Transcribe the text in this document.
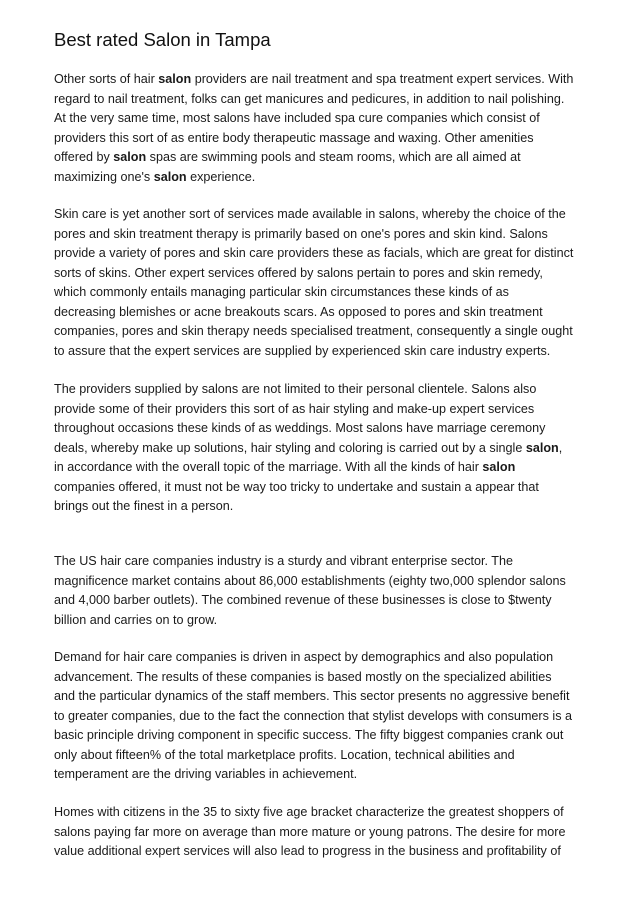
Best rated Salon in Tampa
Other sorts of hair salon providers are nail treatment and spa treatment expert services. With
regard to nail treatment, folks can get manicures and pedicures, in addition to nail polishing.
At the very same time, most salons have included spa cure companies which consist of
providers this sort of as entire body therapeutic massage and waxing. Other amenities
offered by salon spas are swimming pools and steam rooms, which are all aimed at
maximizing one's salon experience.
Skin care is yet another sort of services made available in salons, whereby the choice of the
pores and skin treatment therapy is primarily based on one's pores and skin kind. Salons
provide a variety of pores and skin care providers these as facials, which are great for distinct
sorts of skins. Other expert services offered by salons pertain to pores and skin remedy,
which commonly entails managing particular skin circumstances these kinds of as
decreasing blemishes or acne breakouts scars. As opposed to pores and skin treatment
companies, pores and skin therapy needs specialised treatment, consequently a single ought
to assure that the expert services are supplied by experienced skin care industry experts.
The providers supplied by salons are not limited to their personal clientele. Salons also
provide some of their providers this sort of as hair styling and make-up expert services
throughout occasions these kinds of as weddings. Most salons have marriage ceremony
deals, whereby make up solutions, hair styling and coloring is carried out by a single salon,
in accordance with the overall topic of the marriage. With all the kinds of hair salon
companies offered, it must not be way too tricky to undertake and sustain a appear that
brings out the finest in a person.
The US hair care companies industry is a sturdy and vibrant enterprise sector. The
magnificence market contains about 86,000 establishments (eighty two,000 splendor salons
and 4,000 barber outlets). The combined revenue of these businesses is close to $twenty
billion and carries on to grow.
Demand for hair care companies is driven in aspect by demographics and also population
advancement. The results of these companies is based mostly on the specialized abilities
and the particular dynamics of the staff members. This sector presents no aggressive benefit
to greater companies, due to the fact the connection that stylist develops with consumers is a
basic principle driving component in specific success. The fifty biggest companies crank out
only about fifteen% of the total marketplace profits. Location, technical abilities and
temperament are the driving variables in achievement.
Homes with citizens in the 35 to sixty five age bracket characterize the greatest shoppers of
salons paying far more on average than more mature or young patrons. The desire for more
value additional expert services will also lead to progress in the business and profitability of
